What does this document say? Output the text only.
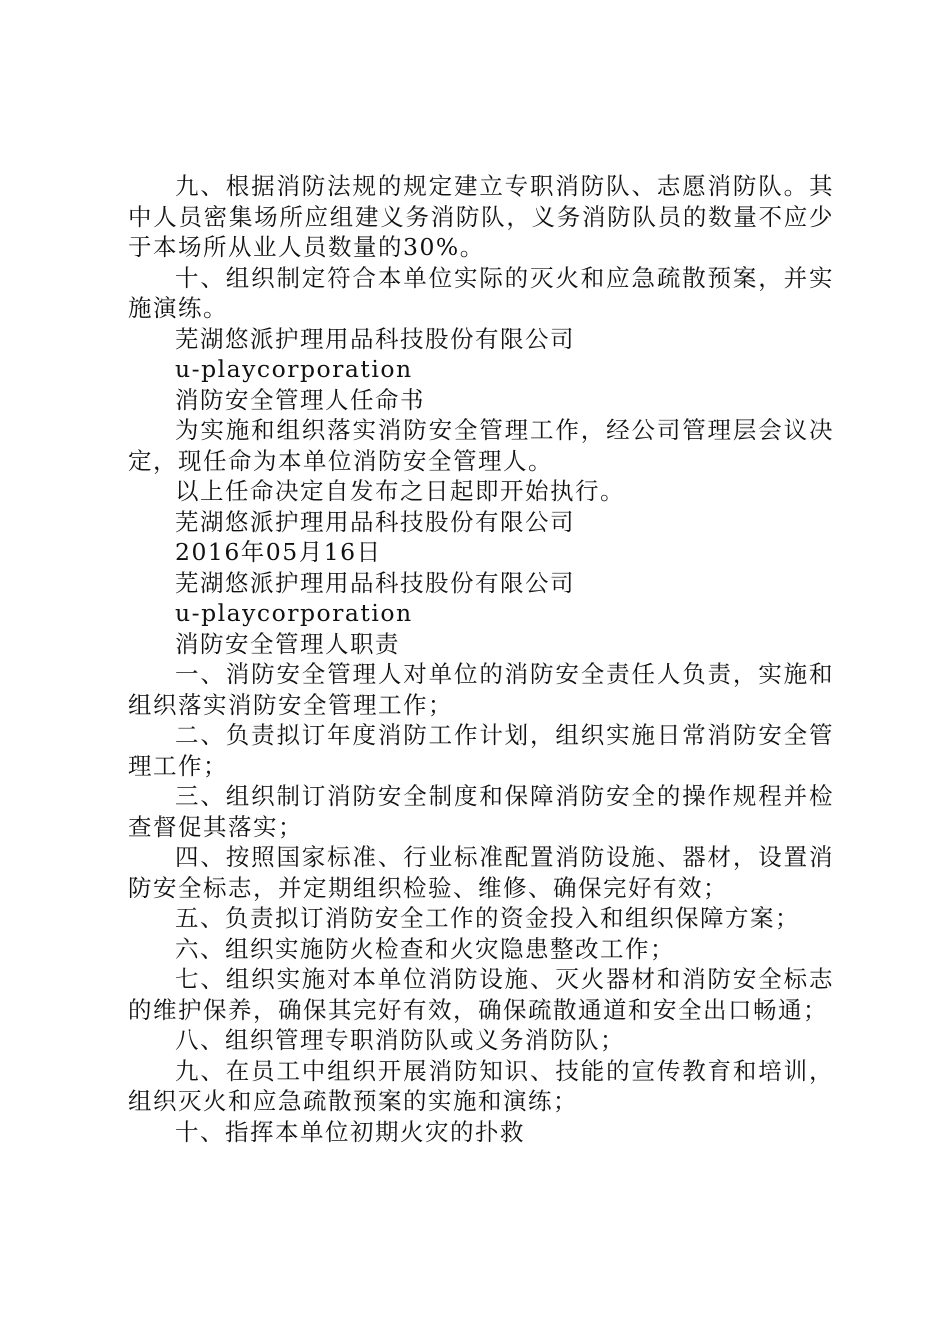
九、根据消防法规的规定建立专职消防队、志愿消防队。其中人员密集场所应组建义务消防队，义务消防队员的数量不应少于本场所从业人员数量的30%。

十、组织制定符合本单位实际的灭火和应急疏散预案，并实施演练。

芜湖悠派护理用品科技股份有限公司

u-playcorporation

消防安全管理人任命书

为实施和组织落实消防安全管理工作，经公司管理层会议决定，现任命为本单位消防安全管理人。

以上任命决定自发布之日起即开始执行。

芜湖悠派护理用品科技股份有限公司

2016年05月16日

芜湖悠派护理用品科技股份有限公司

u-playcorporation

消防安全管理人职责

一、消防安全管理人对单位的消防安全责任人负责，实施和组织落实消防安全管理工作；

二、负责拟订年度消防工作计划，组织实施日常消防安全管理工作；

三、组织制订消防安全制度和保障消防安全的操作规程并检查督促其落实；

四、按照国家标准、行业标准配置消防设施、器材，设置消防安全标志，并定期组织检验、维修、确保完好有效；

五、负责拟订消防安全工作的资金投入和组织保障方案；

六、组织实施防火检查和火灾隐患整改工作；

七、组织实施对本单位消防设施、灭火器材和消防安全标志的维护保养，确保其完好有效，确保疏散通道和安全出口畅通；

八、组织管理专职消防队或义务消防队；

九、在员工中组织开展消防知识、技能的宣传教育和培训，组织灭火和应急疏散预案的实施和演练；

十、指挥本单位初期火灾的扑救
